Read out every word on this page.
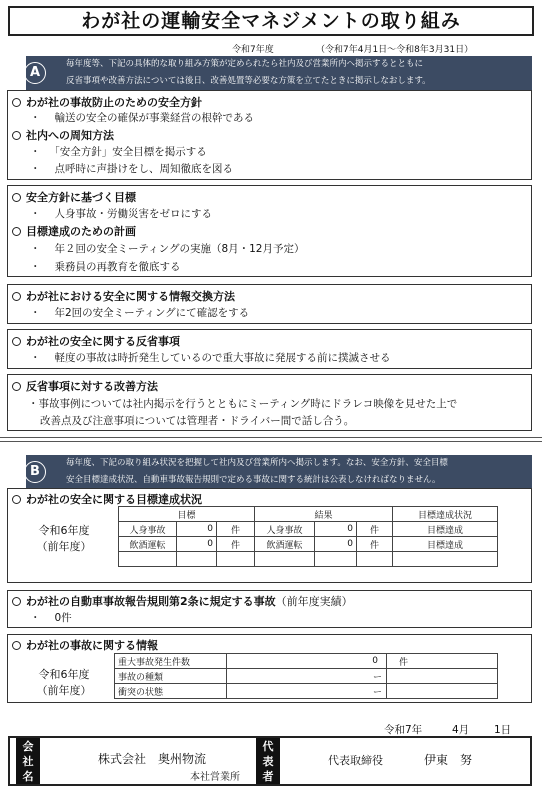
わが社の運輸安全マネジメントの取り組み
令和7年度	（令和7年4月1日～令和8年3月31日）
毎年度等、下記の具体的な取り組み方策が定められたら社内及び営業所内へ掲示するとともに
反省事項や改善方法については後日、改善処置等必要な方策を立てたときに掲示しなおします。
A
わが社の事故防止のための安全方針
・ 輸送の安全の確保が事業経営の根幹である
社内への周知方法
・ 「安全方針」安全目標を掲示する
・ 点呼時に声掛けをし、周知徹底を図る
安全方針に基づく目標
・ 人身事故・労働災害をゼロにする
目標達成のための計画
・ 年２回の安全ミーティングの実施（8月・12月予定）
・ 乗務員の再教育を徹底する
わが社における安全に関する情報交換方法
・ 年2回の安全ミーティングにて確認をする
わが社の安全に関する反省事項
・ 軽度の事故は時折発生しているので重大事故に発展する前に撲滅させる
反省事項に対する改善方法
・事故事例については社内掲示を行うとともにミーティング時にドラレコ映像を見せた上で
改善点及び注意事項については管理者・ドライバー間で話し合う。
毎年度、下記の取り組み状況を把握して社内及び営業所内へ掲示します。なお、安全方針、安全目標
安全目標達成状況、自動車事故報告規則で定める事故に関する統計は公表しなければなりません。
B
わが社の安全に関する目標達成状況
令和6年度
（前年度）
目標			結果			目標達成状況
人身事故	0	件	人身事故	0	件	目標達成
飲酒運転	0	件	飲酒運転	0	件	目標達成

わが社の自動車事故報告規則第2条に規定する事故（前年度実績）
・ 0件
わが社の事故に関する情報
令和6年度
（前年度）
重大事故発生件数	0	件
事故の種類	ー	
衝突の状態	ー	
令和7年	4月 1日
会
社
名
株式会社　奥州物流
本社営業所
代
表
者
代表取締役	伊東　努
